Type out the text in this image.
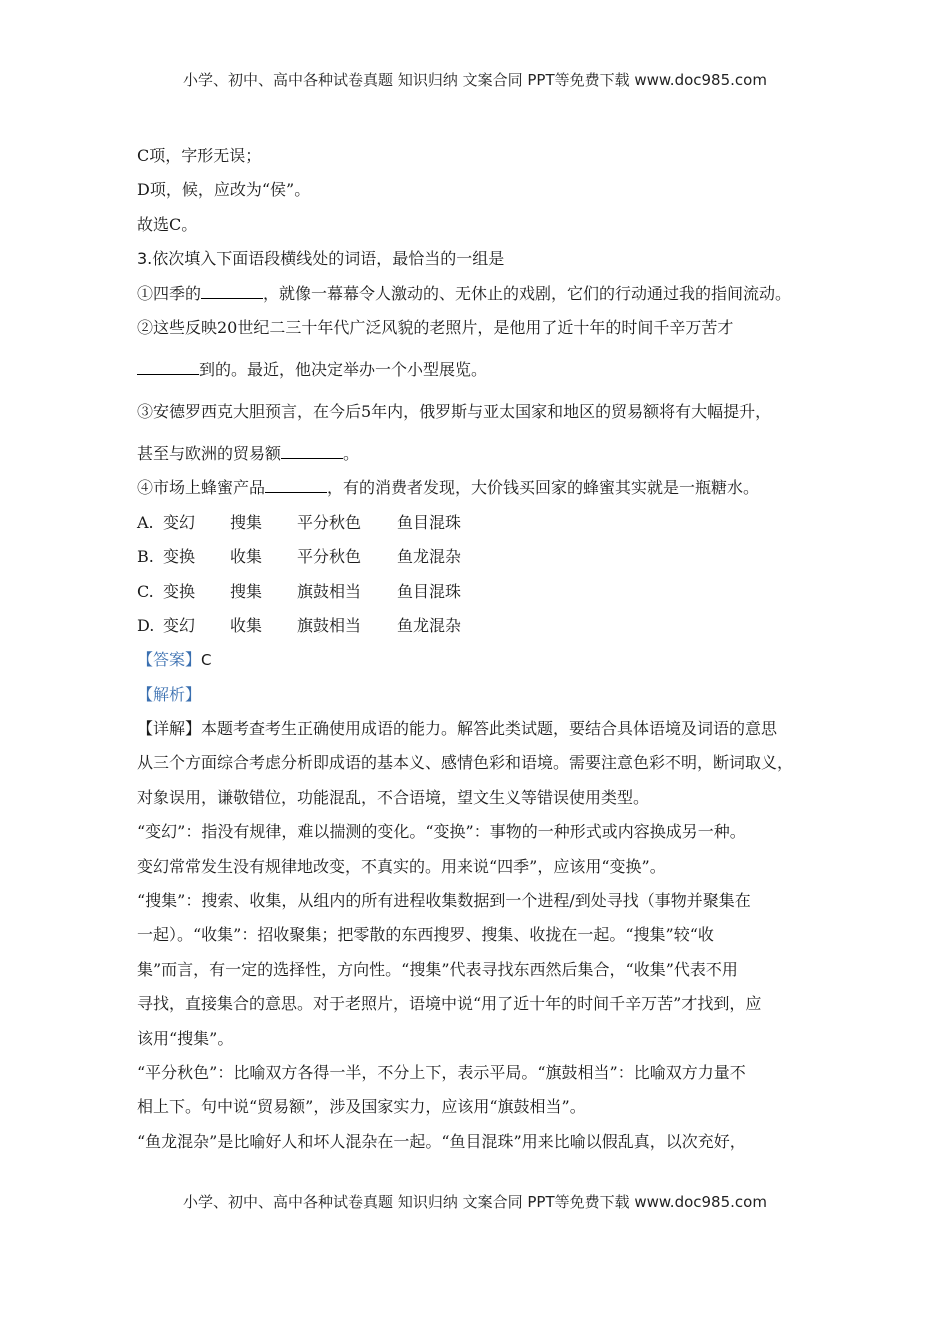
小学、初中、高中各种试卷真题 知识归纳 文案合同 PPT等免费下载 www.doc985.com
C项，字形无误；
D项，候，应改为“侯”。
故选C。
3.依次填入下面语段横线处的词语，最恰当的一组是
①四季的	，就像一幕幕令人激动的、无休止的戏剧，它们的行动通过我的指间流动。
②这些反映20世纪二三十年代广泛风貌的老照片，是他用了近十年的时间千辛万苦才
到的。最近，他决定举办一个小型展览。
③安德罗西克大胆预言，在今后5年内，俄罗斯与亚太国家和地区的贸易额将有大幅提升，
甚至与欧洲的贸易额	。
④市场上蜂蜜产品	，有的消费者发现，大价钱买回家的蜂蜜其实就是一瓶糖水。
A. 变幻 搜集 平分秋色 鱼目混珠
B. 变换 收集 平分秋色 鱼龙混杂
C. 变换 搜集 旗鼓相当 鱼目混珠
D. 变幻 收集 旗鼓相当 鱼龙混杂
【答案】C
【解析】
【详解】本题考查考生正确使用成语的能力。解答此类试题，要结合具体语境及词语的意思
从三个方面综合考虑分析即成语的基本义、感情色彩和语境。需要注意色彩不明，断词取义，
对象误用，谦敬错位，功能混乱，不合语境，望文生义等错误使用类型。
“变幻”：指没有规律，难以揣测的变化。“变换”：事物的一种形式或内容换成另一种。
变幻常常发生没有规律地改变，不真实的。用来说“四季”，应该用“变换”。
“搜集”：搜索、收集，从组内的所有进程收集数据到一个进程/到处寻找（事物并聚集在
一起）。“收集”：招收聚集；把零散的东西搜罗、搜集、收拢在一起。“搜集”较“收
集”而言，有一定的选择性，方向性。“搜集”代表寻找东西然后集合，“收集”代表不用
寻找，直接集合的意思。对于老照片，语境中说“用了近十年的时间千辛万苦”才找到，应
该用“搜集”。
“平分秋色”：比喻双方各得一半，不分上下，表示平局。“旗鼓相当”：比喻双方力量不
相上下。句中说“贸易额”，涉及国家实力，应该用“旗鼓相当”。
“鱼龙混杂”是比喻好人和坏人混杂在一起。“鱼目混珠”用来比喻以假乱真，以次充好，
小学、初中、高中各种试卷真题 知识归纳 文案合同 PPT等免费下载 www.doc985.com
